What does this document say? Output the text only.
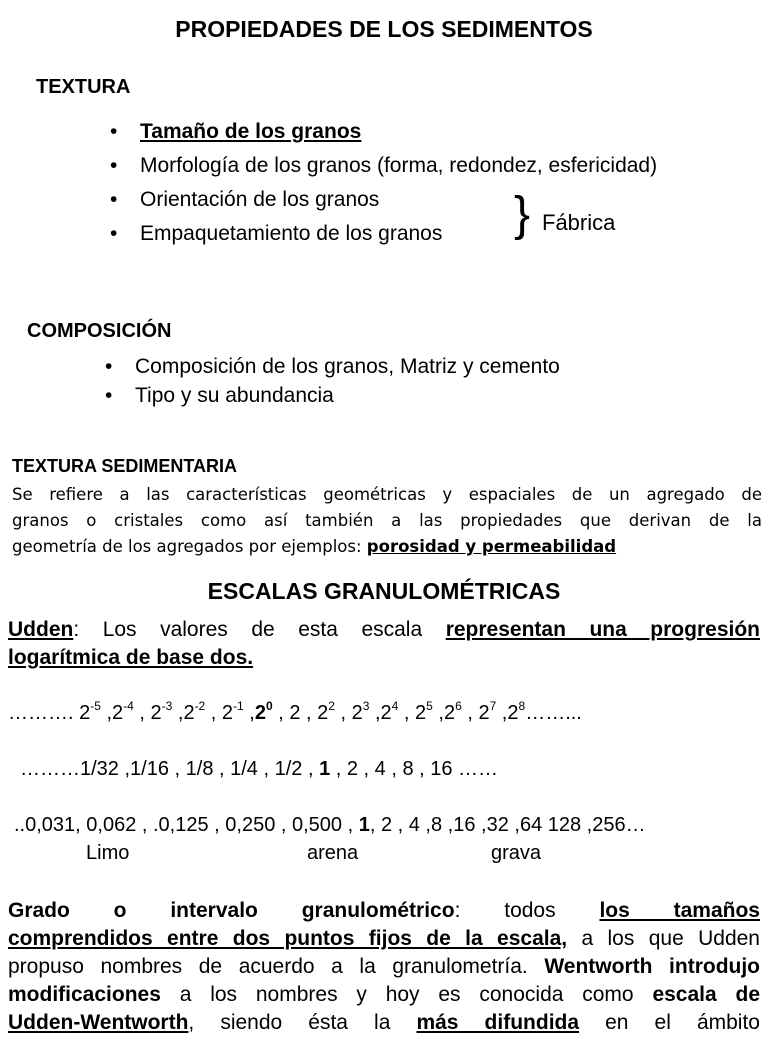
PROPIEDADES DE LOS SEDIMENTOS
TEXTURA
• Tamaño de los granos
• Morfología de los granos (forma, redondez, esfericidad)
• Orientación de los granos
• Empaquetamiento de los granos	} Fábrica
COMPOSICIÓN
• Composición de los granos, Matriz y cemento
• Tipo y su abundancia
TEXTURA SEDIMENTARIA
Se refiere a las características geométricas y espaciales de un agregado de
granos o cristales como así también a las propiedades que derivan de la
geometría de los agregados por ejemplos: porosidad y permeabilidad
ESCALAS GRANULOMÉTRICAS
Udden: Los valores de esta escala representan una progresión
logarítmica de base dos.
………. $2^{-5}$ $,2^{-4}$ , $2^{-3}$ $,2^{-2}$ , $2^{-1}$ $,2^0$ , 2 , $2^2$ , $2^3$ $,2^4$ , $2^5$ $,2^6$ , $2^7$ $,2^8\dots\dots$...
………1/32 ,1/16 , 1/8 , 1/4 , 1/2 , 1 , 2 , 4 , 8 , 16 ……
..0,031, 0,062 , .0,125 , 0,250 , 0,500 , 1, 2 , 4 ,8 ,16 ,32 ,64 128 ,256…
Limo	arena	grava
Grado o intervalo granulométrico: todos los tamaños
comprendidos entre dos puntos fijos de la escala, a los que Udden
propuso nombres de acuerdo a la granulometría. Wentworth introdujo
modificaciones a los nombres y hoy es conocida como escala de
Udden-Wentworth, siendo ésta la más difundida en el ámbito
